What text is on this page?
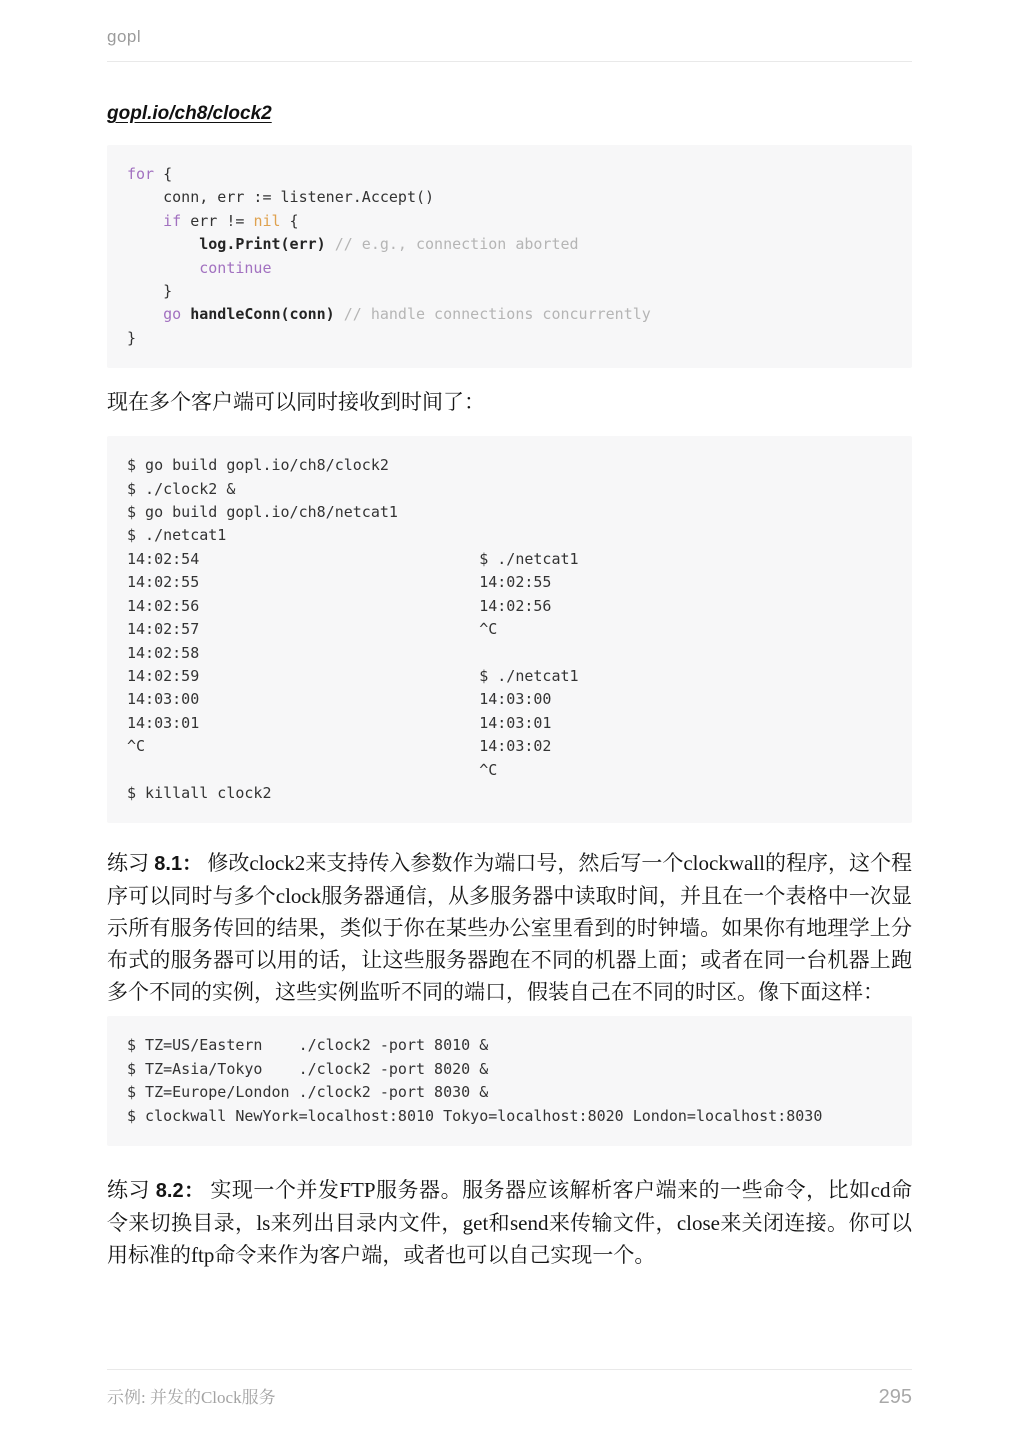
gopl
gopl.io/ch8/clock2
for {
conn, err := listener.Accept()
if err != nil {
log.Print(err) // e.g., connection aborted
continue
}
go handleConn(conn) // handle connections concurrently
}

现在多个客户端可以同时接收到时间了：

$ go build gopl.io/ch8/clock2
$ ./clock2 &
$ go build gopl.io/ch8/netcat1
$ ./netcat1
14:02:54                               $ ./netcat1
14:02:55                               14:02:55
14:02:56                               14:02:56
14:02:57                               ^C
14:02:58
14:02:59                               $ ./netcat1
14:03:00                               14:03:00
14:03:01                               14:03:01
^C                                     14:03:02
^C
$ killall clock2

练习 8.1： 修改clock2来支持传入参数作为端口号，然后写一个clockwall的程序，这个程序可以同时与多个clock服务器通信，从多服务器中读取时间，并且在一个表格中一次显示所有服务传回的结果，类似于你在某些办公室里看到的时钟墙。如果你有地理学上分布式的服务器可以用的话，让这些服务器跑在不同的机器上面；或者在同一台机器上跑多个不同的实例，这些实例监听不同的端口，假装自己在不同的时区。像下面这样：

$ TZ=US/Eastern    ./clock2 -port 8010 &
$ TZ=Asia/Tokyo    ./clock2 -port 8020 &
$ TZ=Europe/London ./clock2 -port 8030 &
$ clockwall NewYork=localhost:8010 Tokyo=localhost:8020 London=localhost:8030

练习 8.2： 实现一个并发FTP服务器。服务器应该解析客户端来的一些命令，比如cd命令来切换目录，ls来列出目录内文件，get和send来传输文件，close来关闭连接。你可以用标准的ftp命令来作为客户端，或者也可以自己实现一个。

示例: 并发的Clock服务	295
